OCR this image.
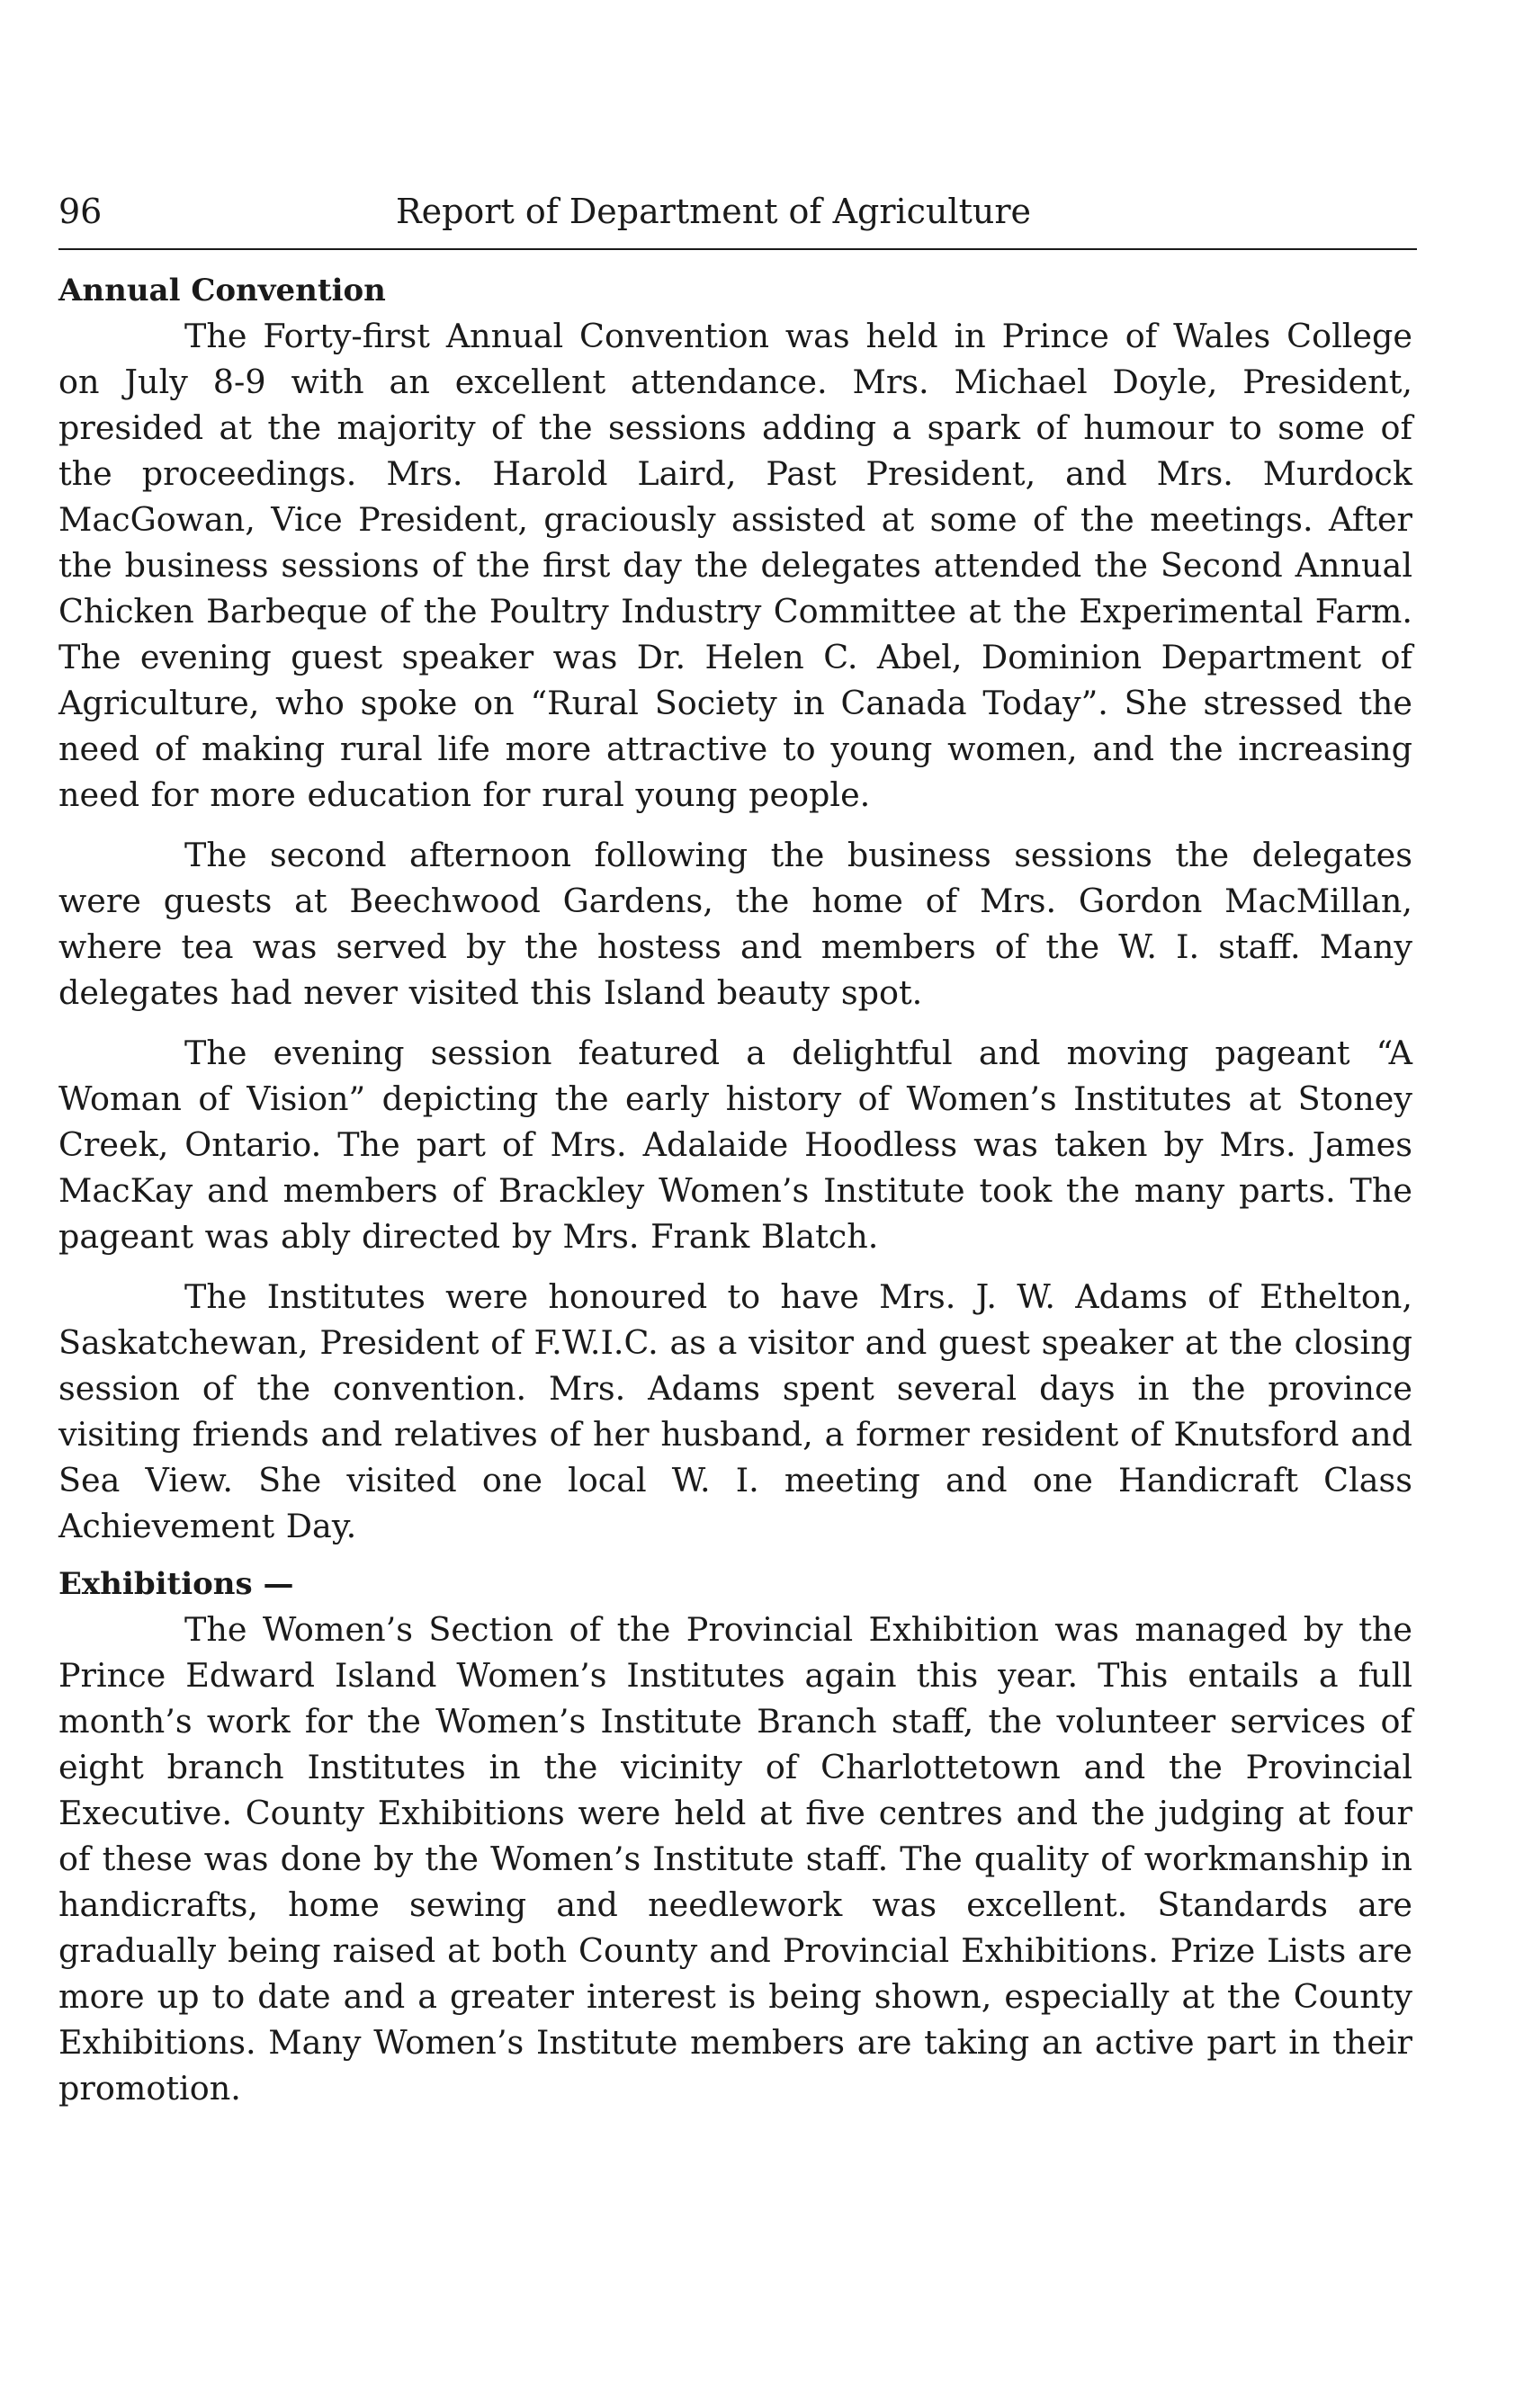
96	Report of Department of Agriculture
Annual Convention

The Forty-first Annual Convention was held in Prince of Wales College on July 8-9 with an excellent attendance. Mrs. Michael Doyle, President, presided at the majority of the sessions adding a spark of humour to some of the proceedings. Mrs. Harold Laird, Past President, and Mrs. Murdock MacGowan, Vice President, graciously assisted at some of the meetings. After the business sessions of the first day the delegates attended the Second Annual Chicken Barbeque of the Poultry Industry Committee at the Experimental Farm. The evening guest speaker was Dr. Helen C. Abel, Dominion Department of Agriculture, who spoke on “Rural Society in Canada Today”. She stressed the need of making rural life more attractive to young women, and the increasing need for more education for rural young people.

The second afternoon following the business sessions the delegates were guests at Beechwood Gardens, the home of Mrs. Gordon MacMillan, where tea was served by the hostess and members of the W. I. staff. Many delegates had never visited this Island beauty spot.

The evening session featured a delightful and moving pageant “A Woman of Vision” depicting the early history of Women’s Institutes at Stoney Creek, Ontario. The part of Mrs. Adalaide Hoodless was taken by Mrs. James MacKay and members of Brackley Women’s Institute took the many parts. The pageant was ably directed by Mrs. Frank Blatch.

The Institutes were honoured to have Mrs. J. W. Adams of Ethelton, Saskatchewan, President of F.W.I.C. as a visitor and guest speaker at the closing session of the convention. Mrs. Adams spent several days in the province visiting friends and relatives of her husband, a former resident of Knutsford and Sea View. She visited one local W. I. meeting and one Handicraft Class Achievement Day.

Exhibitions —

The Women’s Section of the Provincial Exhibition was managed by the Prince Edward Island Women’s Institutes again this year. This entails a full month’s work for the Women’s Institute Branch staff, the volunteer services of eight branch Institutes in the vicinity of Charlottetown and the Provincial Executive. County Exhibitions were held at five centres and the judging at four of these was done by the Women’s Institute staff. The quality of workmanship in handicrafts, home sewing and needlework was excellent. Standards are gradually being raised at both County and Provincial Exhibitions. Prize Lists are more up to date and a greater interest is being shown, especially at the County Exhibitions. Many Women’s Institute members are taking an active part in their promotion.
